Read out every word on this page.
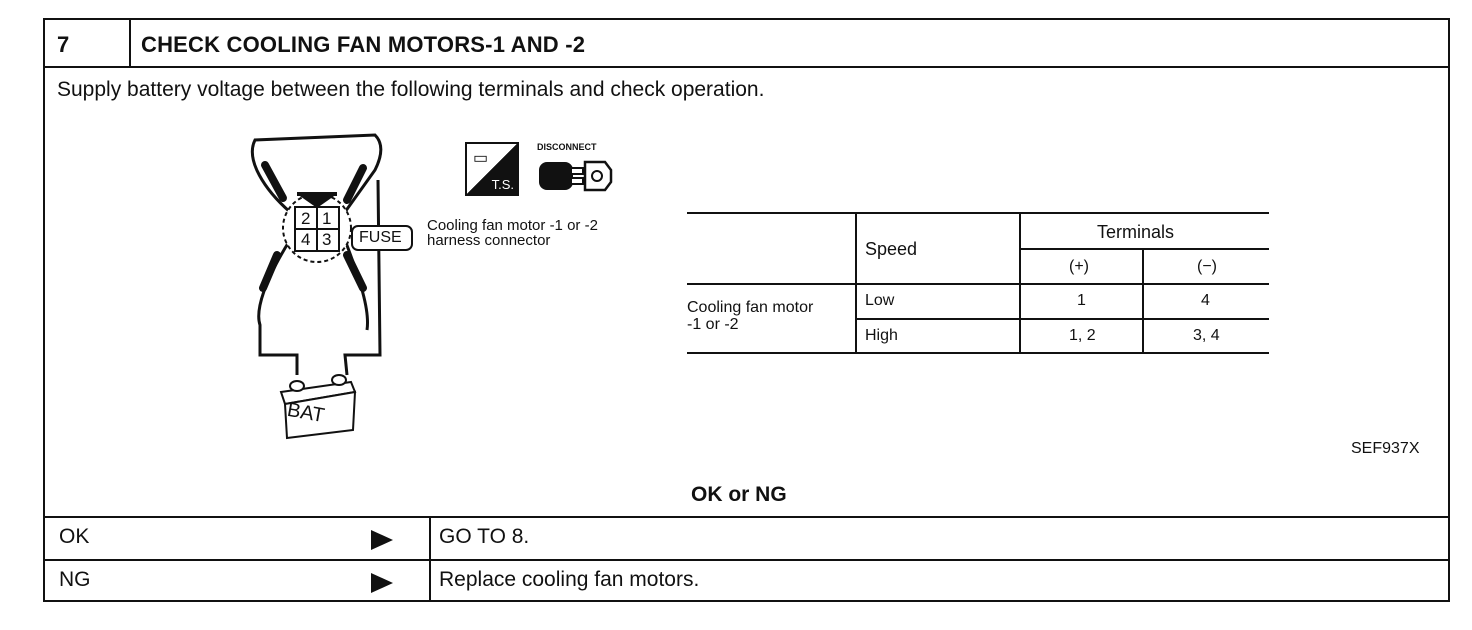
7	CHECK COOLING FAN MOTORS-1 AND -2
Supply battery voltage between the following terminals and check operation.
2 1
4 3 FUSE
BAT
T.S.
▭
DISCONNECT
Cooling fan motor -1 or -2
harness connector	Speed
Terminals
(+)	(−)
Cooling fan motor
-1 or -2
Low	1	4
High	1, 2	3, 4
SEF937X
OK or NG
OK	GO TO 8.
NG	Replace cooling fan motors.
